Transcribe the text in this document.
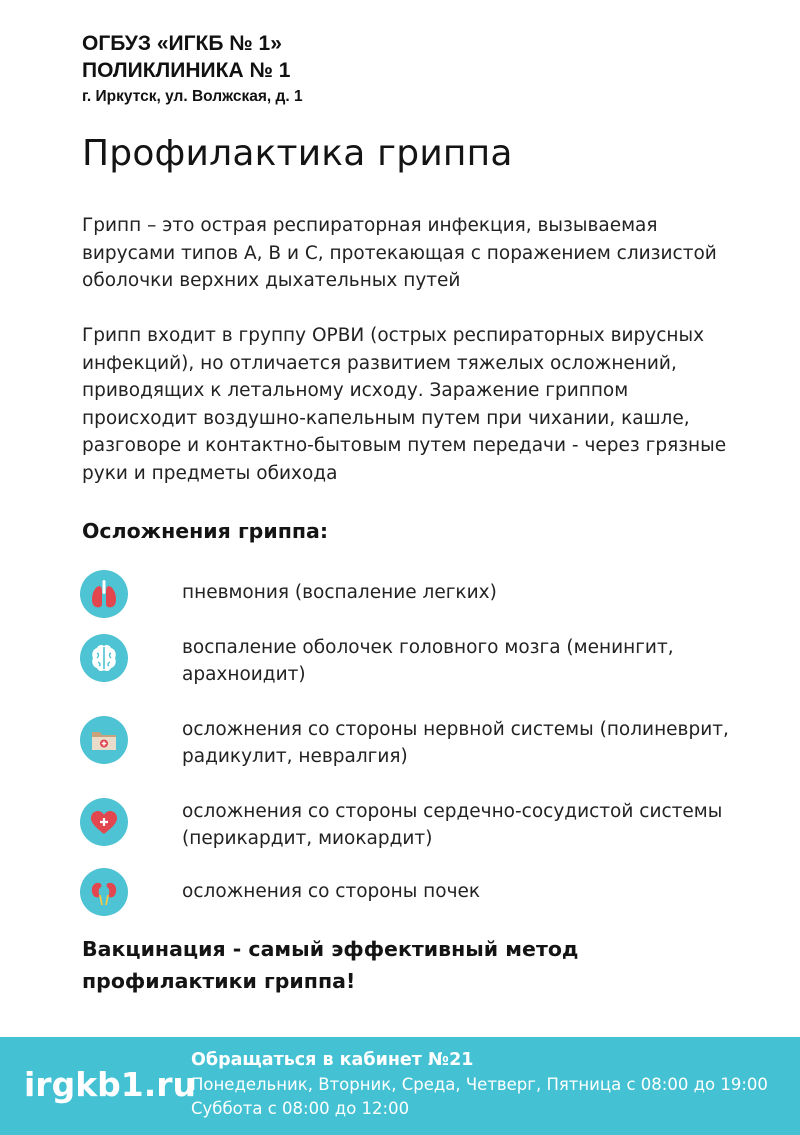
ОГБУЗ «ИГКБ № 1»
ПОЛИКЛИНИКА № 1
г. Иркутск, ул. Волжская, д. 1
Профилактика гриппа
Грипп – это острая респираторная инфекция, вызываемая вирусами типов А, В и С, протекающая с поражением слизистой оболочки верхних дыхательных путей
Грипп входит в группу ОРВИ (острых респираторных вирусных инфекций), но отличается развитием тяжелых осложнений, приводящих к летальному исходу. Заражение гриппом происходит воздушно-капельным путем при чихании, кашле, разговоре и контактно-бытовым путем передачи - через грязные руки и предметы обихода
Осложнения гриппа:
пневмония (воспаление легких)
воспаление оболочек головного мозга (менингит, арахноидит)
осложнения со стороны нервной системы (полиневрит, радикулит, невралгия)
осложнения со стороны сердечно-сосудистой системы (перикардит, миокардит)
осложнения со стороны почек
Вакцинация - самый эффективный метод профилактики гриппа!
irgkb1.ru
Обращаться в кабинет №21
Понедельник, Вторник, Среда, Четверг, Пятница с 08:00 до 19:00
Суббота с 08:00 до 12:00
